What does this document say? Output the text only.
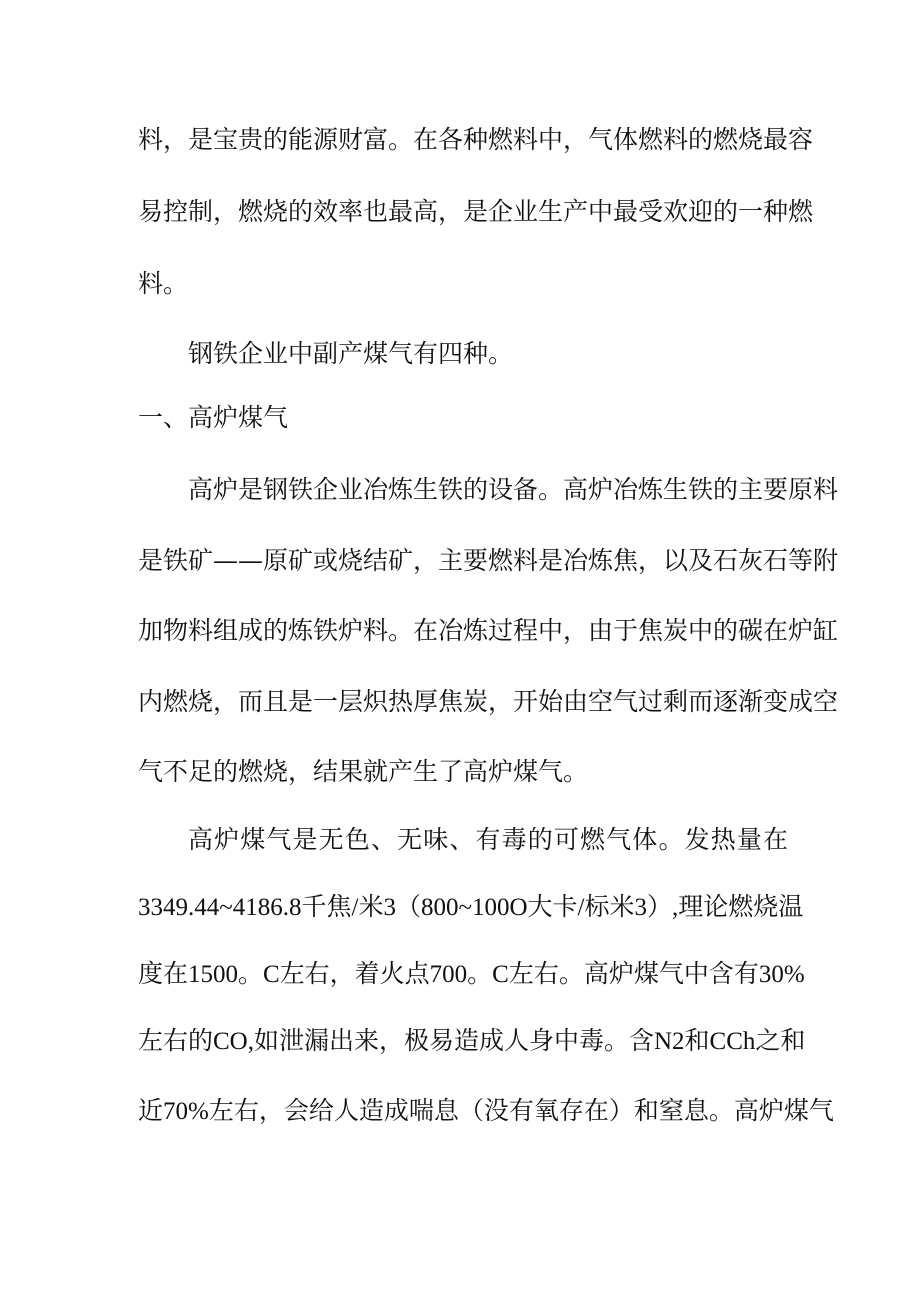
料，是宝贵的能源财富。在各种燃料中，气体燃料的燃烧最容
易控制，燃烧的效率也最高，是企业生产中最受欢迎的一种燃
料。
钢铁企业中副产煤气有四种。
一、高炉煤气
高炉是钢铁企业冶炼生铁的设备。高炉冶炼生铁的主要原料
是铁矿——原矿或烧结矿，主要燃料是冶炼焦，以及石灰石等附
加物料组成的炼铁炉料。在冶炼过程中，由于焦炭中的碳在炉缸
内燃烧，而且是一层炽热厚焦炭，开始由空气过剩而逐渐变成空
气不足的燃烧，结果就产生了高炉煤气。
高炉煤气是无色、无味、有毒的可燃气体。发热量在
3349.44~4186.8千焦/米3（800~100O大卡/标米3）,理论燃烧温
度在1500。C左右，着火点700。C左右。高炉煤气中含有30%
左右的CO,如泄漏出来，极易造成人身中毒。含N2和CCh之和
近70%左右，会给人造成喘息（没有氧存在）和窒息。高炉煤气
